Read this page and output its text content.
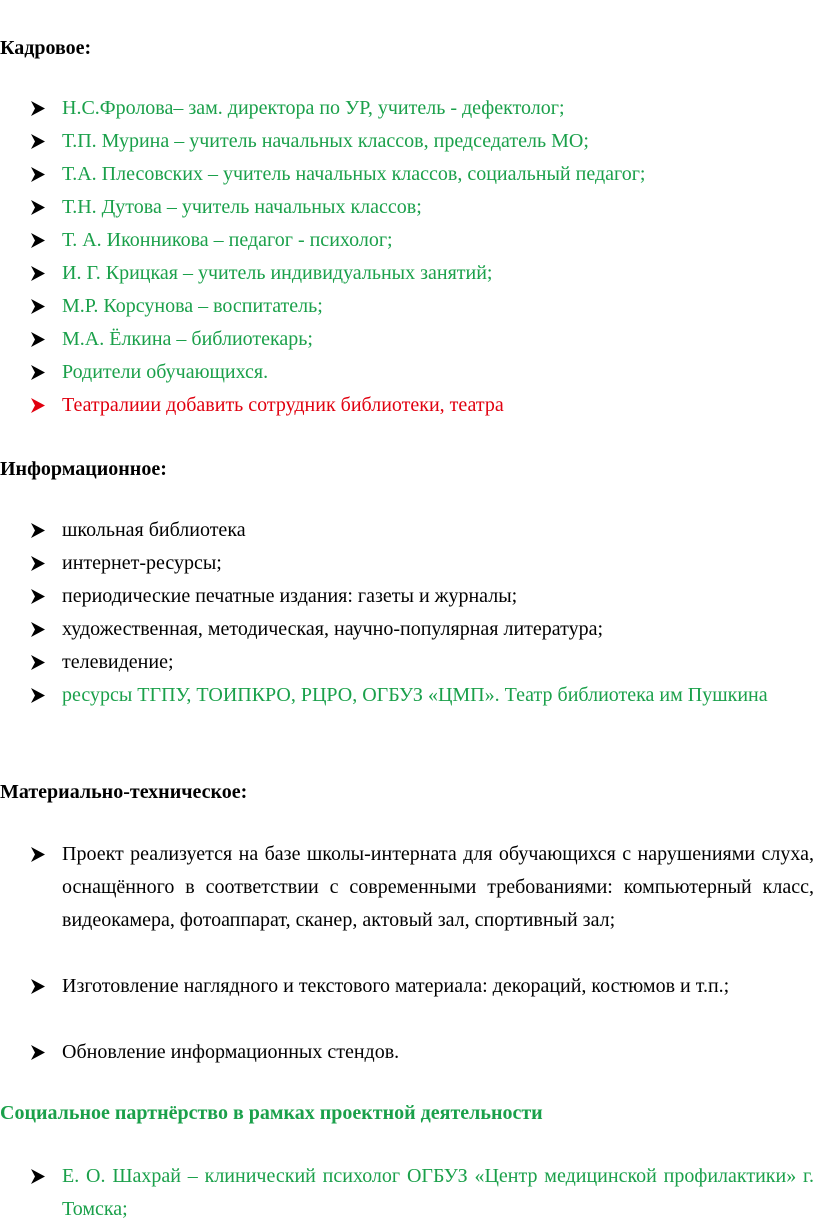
Кадровое:
Н.С.Фролова– зам. директора по УР, учитель - дефектолог;
Т.П. Мурина – учитель начальных классов, председатель МО;
Т.А. Плесовских – учитель начальных классов, социальный педагог;
Т.Н. Дутова – учитель начальных классов;
Т. А. Иконникова – педагог - психолог;
И. Г. Крицкая – учитель индивидуальных занятий;
М.Р. Корсунова – воспитатель;
М.А. Ёлкина – библиотекарь;
Родители обучающихся.
Театралиии добавить сотрудник библиотеки, театра
Информационное:
школьная библиотека
интернет-ресурсы;
периодические печатные издания: газеты и журналы;
художественная, методическая, научно-популярная литература;
телевидение;
ресурсы ТГПУ, ТОИПКРО, РЦРО, ОГБУЗ «ЦМП». Театр библиотека им Пушкина
Материально-техническое:
Проект реализуется на базе школы-интерната для обучающихся с нарушениями слуха, оснащённого в соответствии с современными требованиями: компьютерный класс, видеокамера, фотоаппарат, сканер, актовый зал, спортивный зал;
Изготовление наглядного и текстового материала: декораций, костюмов и т.п.;
Обновление информационных стендов.
Социальное партнёрство в рамках проектной деятельности
Е. О. Шахрай – клинический психолог ОГБУЗ «Центр медицинской профилактики» г. Томска;
